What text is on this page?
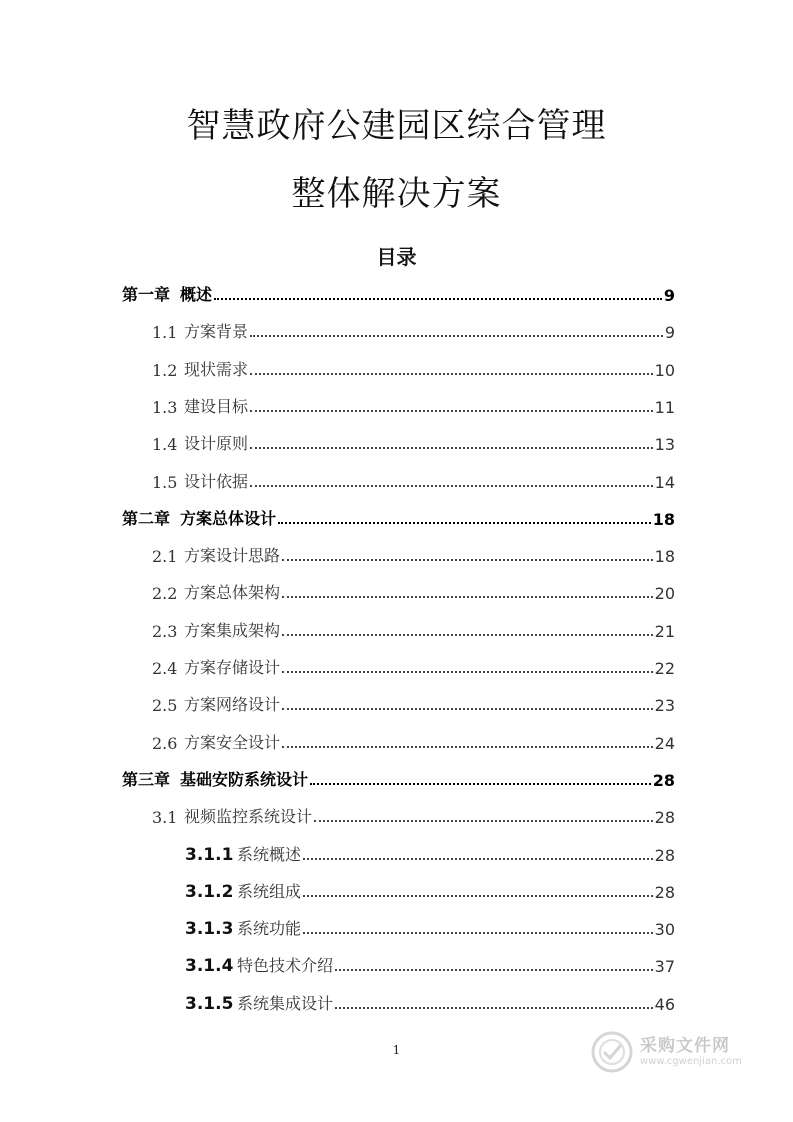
智慧政府公建园区综合管理
整体解决方案
目录
第一章 概述	9
1.1 方案背景	9
1.2 现状需求	10
1.3 建设目标	11
1.4 设计原则	13
1.5 设计依据	14
第二章 方案总体设计	18
2.1 方案设计思路	18
2.2 方案总体架构	20
2.3 方案集成架构	21
2.4 方案存储设计	22
2.5 方案网络设计	23
2.6 方案安全设计	24
第三章 基础安防系统设计	28
3.1 视频监控系统设计	28
3.1.1 系统概述	28
3.1.2 系统组成	28
3.1.3 系统功能	30
3.1.4 特色技术介绍	37
3.1.5 系统集成设计	46
1	采购文件网
www.cgwenjian.com
